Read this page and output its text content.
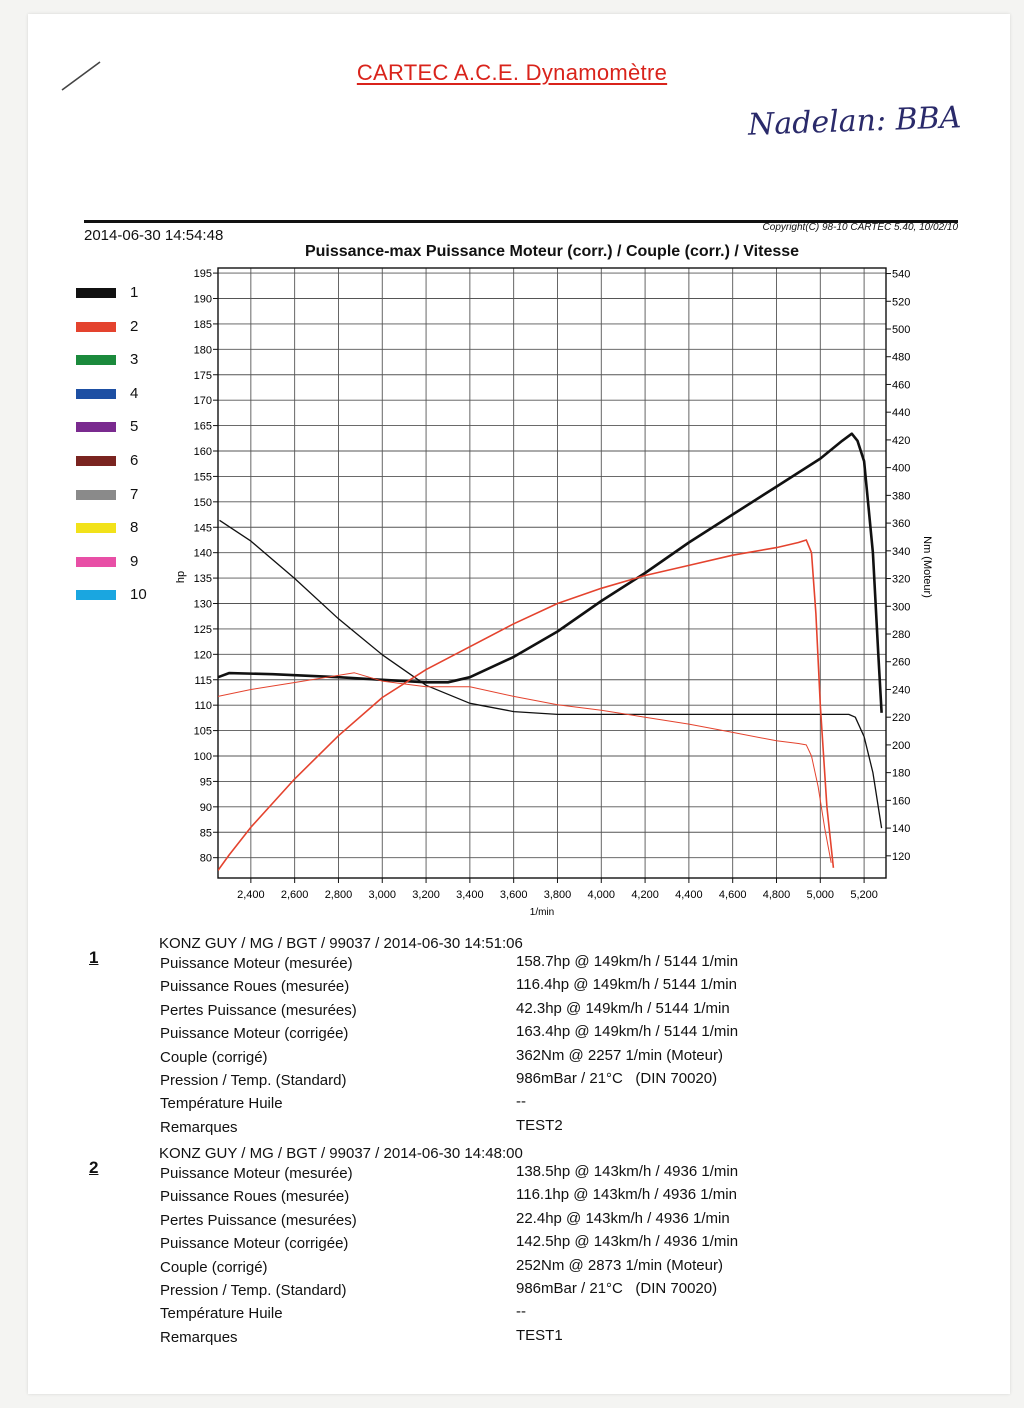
CARTEC A.C.E. Dynamomètre
Nadelan: BBA
2014-06-30 14:54:48	Copyright(C) 98-10 CARTEC 5.40, 10/02/10
Puissance-max Puissance Moteur (corr.) / Couple (corr.) / Vitesse
1
2
3
4
5
6
7
8
9
10
80
85
90
95
100
105
110
115
120
125
130
135
140
145
150
155
160
165
170
175
180
185
190
195
120
140
160
180
200
220
240
260
280
300
320
340
360
380
400
420
440
460
480
500
520
540
2,400 2,600 2,800 3,000 3,200 3,400 3,600 3,800 4,000 4,200 4,400 4,600 4,800 5,000 5,200
1/min
hp	Nm (Moteur)
1
KONZ GUY / MG / BGT / 99037 / 2014-06-30 14:51:06
Puissance Moteur (mesurée)	158.7hp @ 149km/h / 5144 1/min
Puissance Roues (mesurée)	116.4hp @ 149km/h / 5144 1/min
Pertes Puissance (mesurées)	42.3hp @ 149km/h / 5144 1/min
Puissance Moteur (corrigée)	163.4hp @ 149km/h / 5144 1/min
Couple (corrigé)	362Nm @ 2257 1/min (Moteur)
Pression / Temp. (Standard)	986mBar / 21°C   (DIN 70020)
Température Huile	--
Remarques	TEST2
2
KONZ GUY / MG / BGT / 99037 / 2014-06-30 14:48:00
Puissance Moteur (mesurée)	138.5hp @ 143km/h / 4936 1/min
Puissance Roues (mesurée)	116.1hp @ 143km/h / 4936 1/min
Pertes Puissance (mesurées)	22.4hp @ 143km/h / 4936 1/min
Puissance Moteur (corrigée)	142.5hp @ 143km/h / 4936 1/min
Couple (corrigé)	252Nm @ 2873 1/min (Moteur)
Pression / Temp. (Standard)	986mBar / 21°C   (DIN 70020)
Température Huile	--
Remarques	TEST1
